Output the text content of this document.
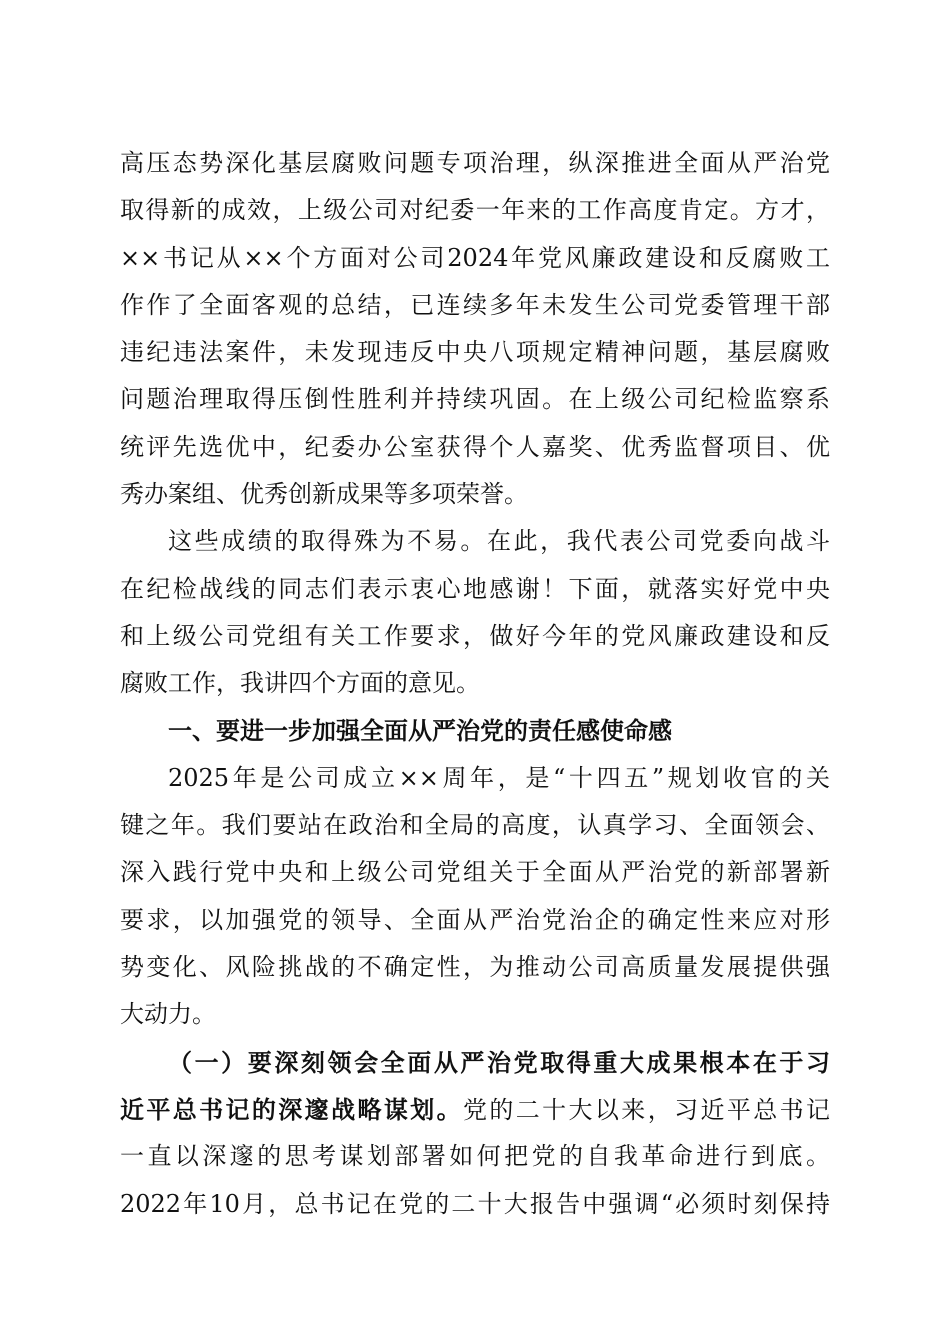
高压态势深化基层腐败问题专项治理，纵深推进全面从严治党
取得新的成效，上级公司对纪委一年来的工作高度肯定。方才，
××书记从××个方面对公司2024年党风廉政建设和反腐败工
作作了全面客观的总结，已连续多年未发生公司党委管理干部
违纪违法案件，未发现违反中央八项规定精神问题，基层腐败
问题治理取得压倒性胜利并持续巩固。在上级公司纪检监察系
统评先选优中，纪委办公室获得个人嘉奖、优秀监督项目、优
秀办案组、优秀创新成果等多项荣誉。
这些成绩的取得殊为不易。在此，我代表公司党委向战斗
在纪检战线的同志们表示衷心地感谢！下面，就落实好党中央
和上级公司党组有关工作要求，做好今年的党风廉政建设和反
腐败工作，我讲四个方面的意见。
一、要进一步加强全面从严治党的责任感使命感
2025年是公司成立××周年，是“十四五”规划收官的关
键之年。我们要站在政治和全局的高度，认真学习、全面领会、
深入践行党中央和上级公司党组关于全面从严治党的新部署新
要求，以加强党的领导、全面从严治党治企的确定性来应对形
势变化、风险挑战的不确定性，为推动公司高质量发展提供强
大动力。
（一）要深刻领会全面从严治党取得重大成果根本在于习
近平总书记的深邃战略谋划。党的二十大以来，习近平总书记
一直以深邃的思考谋划部署如何把党的自我革命进行到底。
2022年10月，总书记在党的二十大报告中强调“必须时刻保持
